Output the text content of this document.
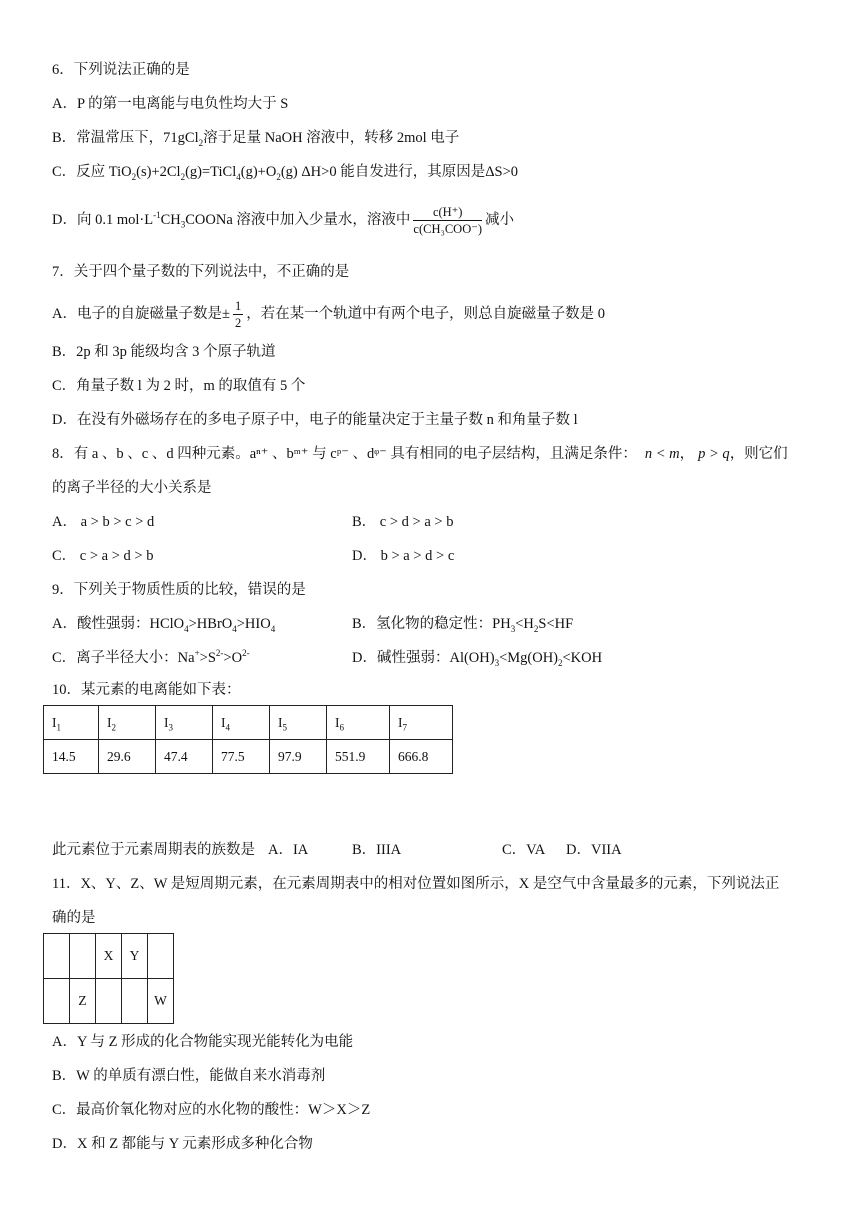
6．下列说法正确的是
A．P 的第一电离能与电负性均大于 S
B．常温常压下，71gCl$_2$溶于足量 NaOH 溶液中，转移 2mol 电子
C．反应 $TiO_2(s)+2Cl_2(g)=TiCl_4(g)+O_2(g)$ ΔH>0 能自发进行，其原因是ΔS>0
D．向 0.1 $mol\cdot L^{-1}CH_3COONa$ 溶液中加入少量水，溶液中 $\frac{c(H^+)}{\text{c(CH₃COO⁻)}}$ 减小
7．关于四个量子数的下列说法中，不正确的是
A．电子的自旋磁量子数是± $\frac{1}{2}$ ，若在某一个轨道中有两个电子，则总自旋磁量子数是 0
B．2p 和 3p 能级均含 3 个原子轨道
C．角量子数 l 为 2 时，m 的取值有 5 个
D．在没有外磁场存在的多电子原子中，电子的能量决定于主量子数 n 和角量子数 l
8．有 a 、b 、c 、d 四种元素。aⁿ⁺ 、bᵐ⁺ 与 cᵖ⁻ 、dᵠ⁻ 具有相同的电子层结构，且满足条件： n < m， p > q，则它们
的离子半径的大小关系是
A． a > b > c > d	B． c > d > a > b
C． c > a > d > b	D． b > a > d > c
9．下列关于物质性质的比较，错误的是
A．酸性强弱：$HClO_4>HBrO_4>HIO_4$	B．氢化物的稳定性：$PH_3<H_2S<HF$
C．离子半径大小：$Na^+>S^{2-}>O^{2-}$	D．碱性强弱：$Al(OH)_3<Mg(OH)_2<KOH$
10．某元素的电离能如下表：
$I_1$	$I_2$	$I_3$	$I_4$	$I_5$	$I_6$	$I_7$
14.5	29.6	47.4	77.5	97.9	551.9	666.8
此元素位于元素周期表的族数是 A．IA	B．IIIA	C．VA D．VIIA
11．X、Y、Z、W 是短周期元素，在元素周期表中的相对位置如图所示，X 是空气中含量最多的元素，下列说法正
确的是
		X	Y	
	Z			W
A．Y 与 Z 形成的化合物能实现光能转化为电能
B．W 的单质有漂白性，能做自来水消毒剂
C．最高价氧化物对应的水化物的酸性：W＞X＞Z
D．X 和 Z 都能与 Y 元素形成多种化合物
